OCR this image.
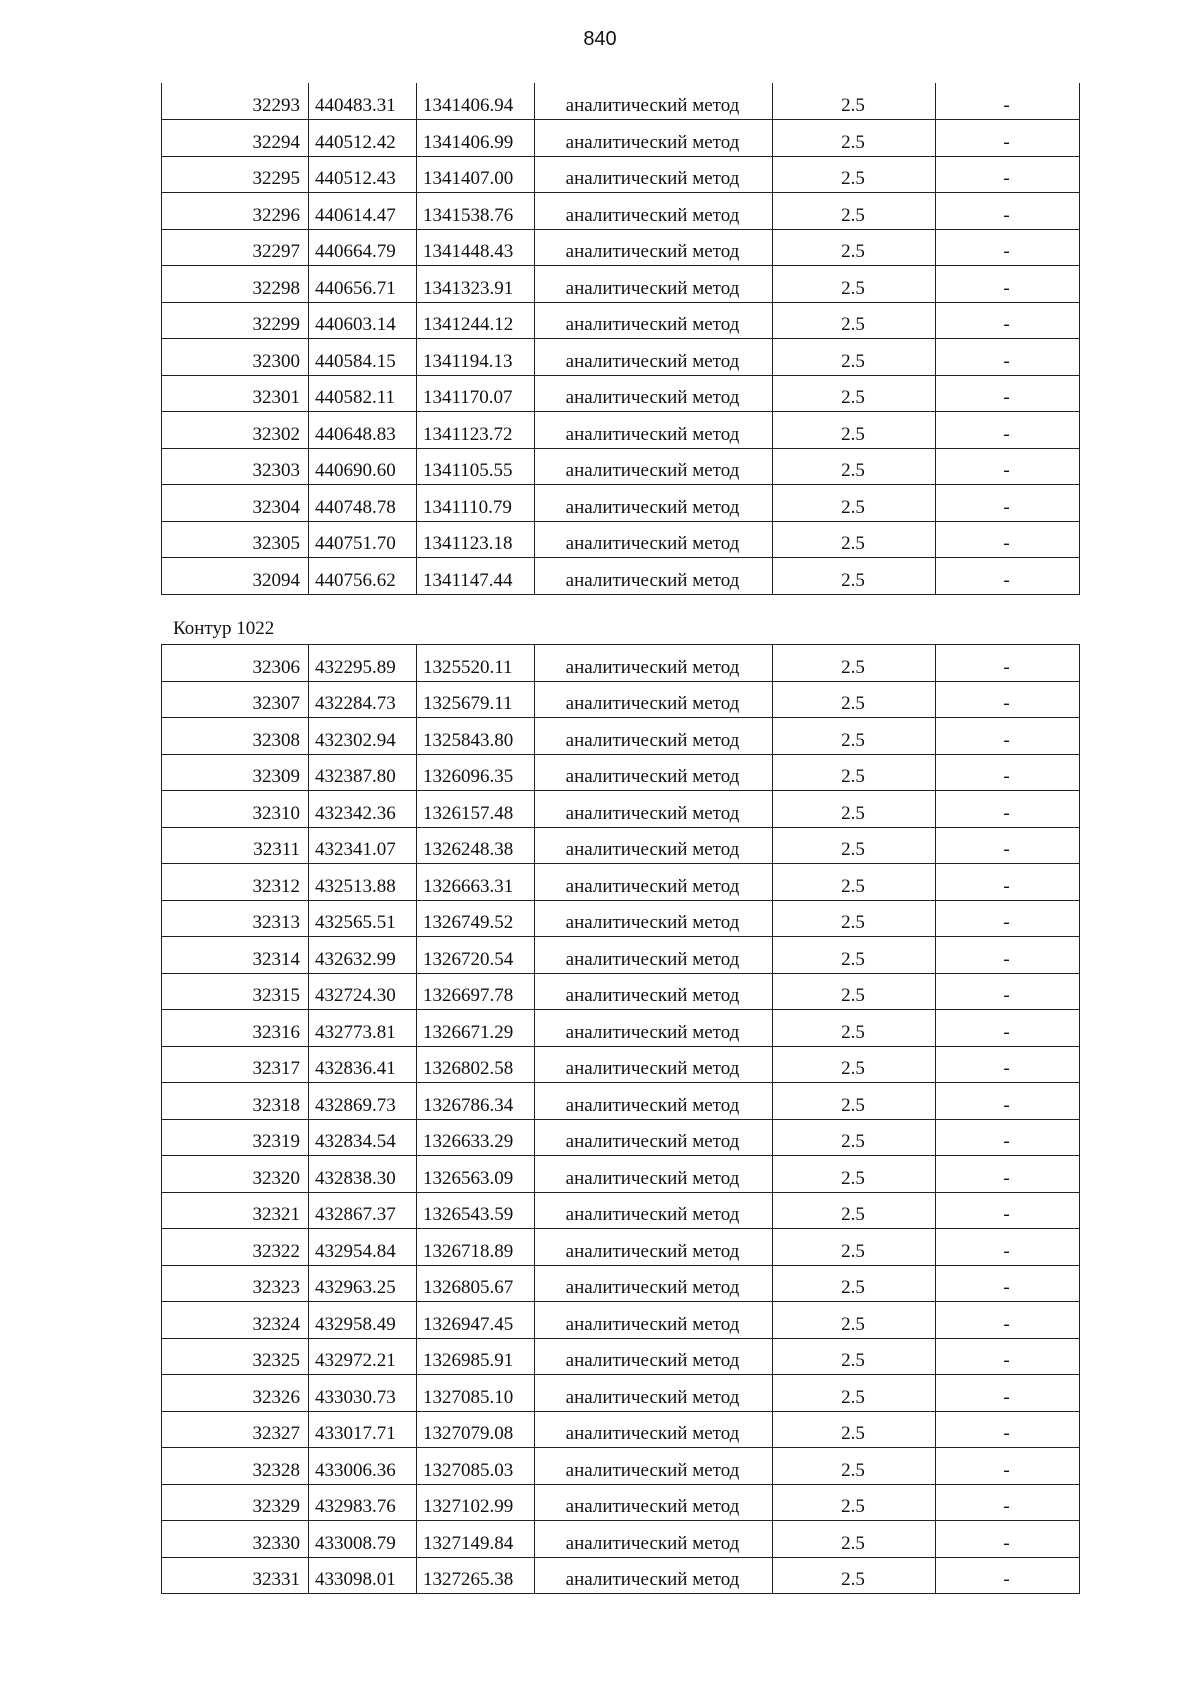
840
32293	440483.31	1341406.94	аналитический метод	2.5	-
32294	440512.42	1341406.99	аналитический метод	2.5	-
32295	440512.43	1341407.00	аналитический метод	2.5	-
32296	440614.47	1341538.76	аналитический метод	2.5	-
32297	440664.79	1341448.43	аналитический метод	2.5	-
32298	440656.71	1341323.91	аналитический метод	2.5	-
32299	440603.14	1341244.12	аналитический метод	2.5	-
32300	440584.15	1341194.13	аналитический метод	2.5	-
32301	440582.11	1341170.07	аналитический метод	2.5	-
32302	440648.83	1341123.72	аналитический метод	2.5	-
32303	440690.60	1341105.55	аналитический метод	2.5	-
32304	440748.78	1341110.79	аналитический метод	2.5	-
32305	440751.70	1341123.18	аналитический метод	2.5	-
32094	440756.62	1341147.44	аналитический метод	2.5	-
Контур 1022
32306	432295.89	1325520.11	аналитический метод	2.5	-
32307	432284.73	1325679.11	аналитический метод	2.5	-
32308	432302.94	1325843.80	аналитический метод	2.5	-
32309	432387.80	1326096.35	аналитический метод	2.5	-
32310	432342.36	1326157.48	аналитический метод	2.5	-
32311	432341.07	1326248.38	аналитический метод	2.5	-
32312	432513.88	1326663.31	аналитический метод	2.5	-
32313	432565.51	1326749.52	аналитический метод	2.5	-
32314	432632.99	1326720.54	аналитический метод	2.5	-
32315	432724.30	1326697.78	аналитический метод	2.5	-
32316	432773.81	1326671.29	аналитический метод	2.5	-
32317	432836.41	1326802.58	аналитический метод	2.5	-
32318	432869.73	1326786.34	аналитический метод	2.5	-
32319	432834.54	1326633.29	аналитический метод	2.5	-
32320	432838.30	1326563.09	аналитический метод	2.5	-
32321	432867.37	1326543.59	аналитический метод	2.5	-
32322	432954.84	1326718.89	аналитический метод	2.5	-
32323	432963.25	1326805.67	аналитический метод	2.5	-
32324	432958.49	1326947.45	аналитический метод	2.5	-
32325	432972.21	1326985.91	аналитический метод	2.5	-
32326	433030.73	1327085.10	аналитический метод	2.5	-
32327	433017.71	1327079.08	аналитический метод	2.5	-
32328	433006.36	1327085.03	аналитический метод	2.5	-
32329	432983.76	1327102.99	аналитический метод	2.5	-
32330	433008.79	1327149.84	аналитический метод	2.5	-
32331	433098.01	1327265.38	аналитический метод	2.5	-
